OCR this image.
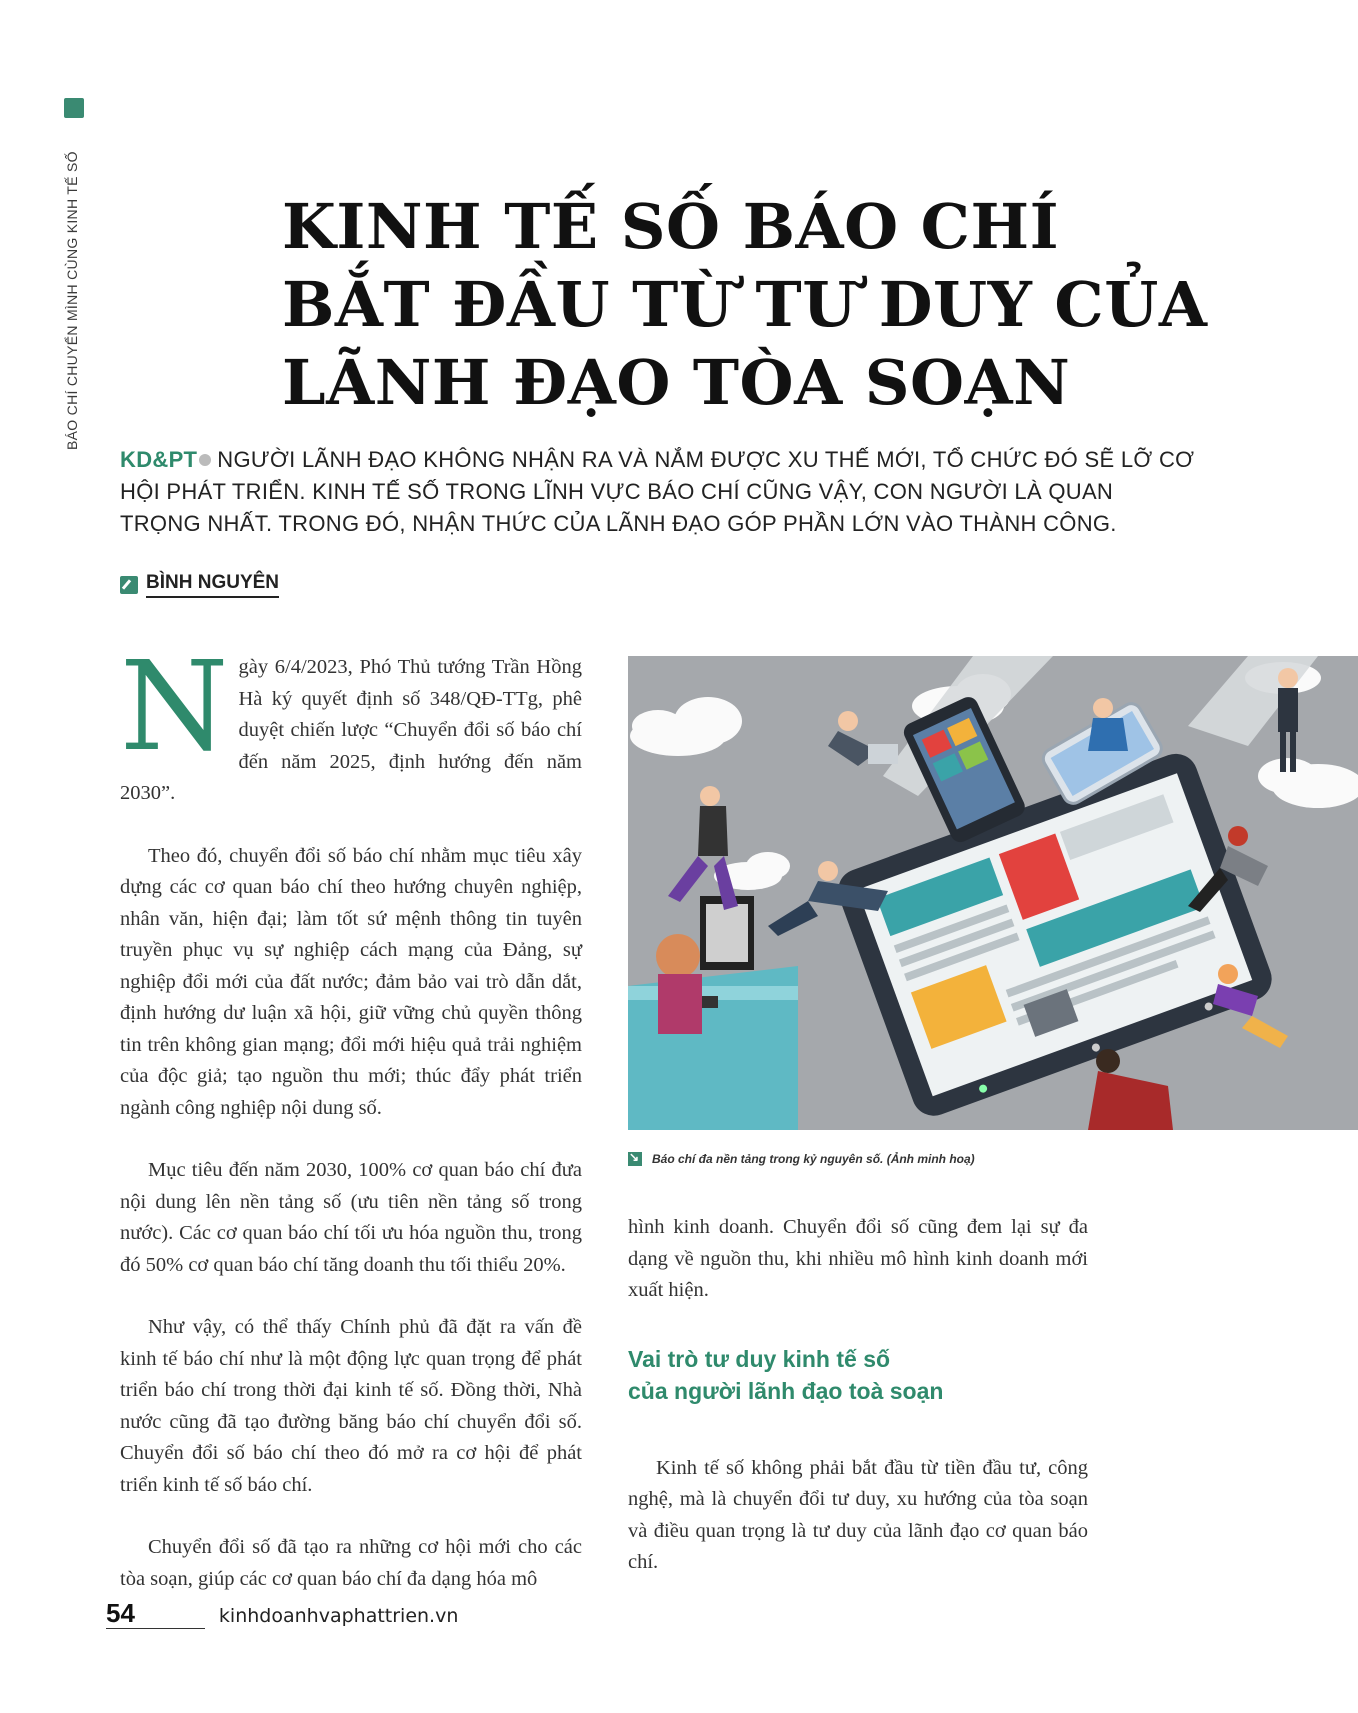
BÁO CHÍ CHUYỂN MÌNH CÙNG KINH TẾ SỐ	KINH TẾ SỐ BÁO CHÍ
BẮT ĐẦU TỪ TƯ DUY CỦA
LÃNH ĐẠO TÒA SOẠN
KD&PT NGƯỜI LÃNH ĐẠO KHÔNG NHẬN RA VÀ NẮM ĐƯỢC XU THẾ MỚI, TỔ CHỨC ĐÓ SẼ LỠ CƠ HỘI PHÁT TRIỂN. KINH TẾ SỐ TRONG LĨNH VỰC BÁO CHÍ CŨNG VẬY, CON NGƯỜI LÀ QUAN TRỌNG NHẤT. TRONG ĐÓ, NHẬN THỨC CỦA LÃNH ĐẠO GÓP PHẦN LỚN VÀO THÀNH CÔNG.
BÌNH NGUYÊN

Ngày 6/4/2023, Phó Thủ tướng Trần Hồng Hà ký quyết định số 348/QĐ-TTg, phê duyệt chiến lược “Chuyển đổi số báo chí đến năm 2025, định hướng đến năm 2030”.

Theo đó, chuyển đổi số báo chí nhằm mục tiêu xây dựng các cơ quan báo chí theo hướng chuyên nghiệp, nhân văn, hiện đại; làm tốt sứ mệnh thông tin tuyên truyền phục vụ sự nghiệp cách mạng của Đảng, sự nghiệp đổi mới của đất nước; đảm bảo vai trò dẫn dắt, định hướng dư luận xã hội, giữ vững chủ quyền thông tin trên không gian mạng; đổi mới hiệu quả trải nghiệm của độc giả; tạo nguồn thu mới; thúc đẩy phát triển ngành công nghiệp nội dung số.

Mục tiêu đến năm 2030, 100% cơ quan báo chí đưa nội dung lên nền tảng số (ưu tiên nền tảng số trong nước). Các cơ quan báo chí tối ưu hóa nguồn thu, trong đó 50% cơ quan báo chí tăng doanh thu tối thiểu 20%.

Như vậy, có thể thấy Chính phủ đã đặt ra vấn đề kinh tế báo chí như là một động lực quan trọng để phát triển báo chí trong thời đại kinh tế số. Đồng thời, Nhà nước cũng đã tạo đường băng báo chí chuyển đổi số. Chuyển đổi số báo chí theo đó mở ra cơ hội để phát triển kinh tế số báo chí.

Chuyển đổi số đã tạo ra những cơ hội mới cho các tòa soạn, giúp các cơ quan báo chí đa dạng hóa mô

↘
Báo chí đa nền tảng trong kỷ nguyên số. (Ảnh minh hoạ)

hình kinh doanh. Chuyển đổi số cũng đem lại sự đa dạng về nguồn thu, khi nhiều mô hình kinh doanh mới xuất hiện.

Vai trò tư duy kinh tế số
của người lãnh đạo toà soạn

Kinh tế số không phải bắt đầu từ tiền đầu tư, công nghệ, mà là chuyển đổi tư duy, xu hướng của tòa soạn và điều quan trọng là tư duy của lãnh đạo cơ quan báo chí.

54	kinhdoanhvaphattrien.vn
